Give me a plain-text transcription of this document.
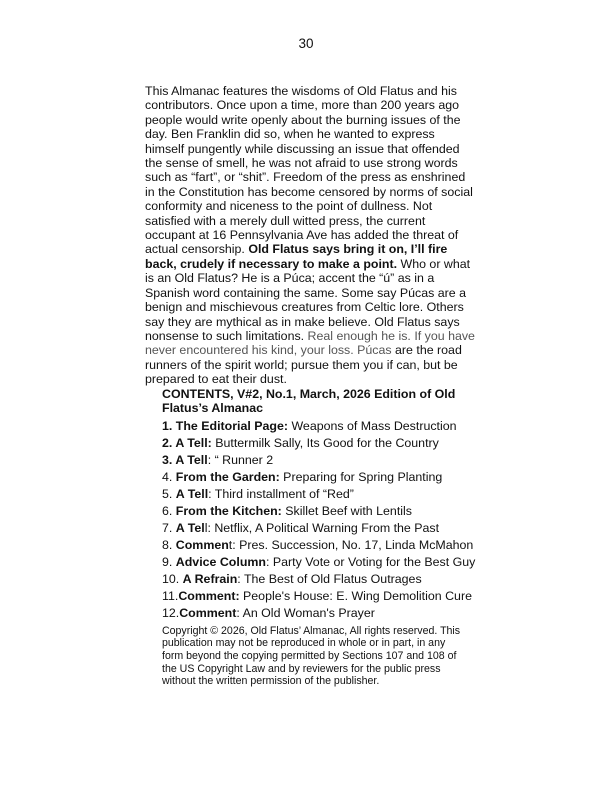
30
This Almanac features the wisdoms of Old Flatus and his contributors. Once upon a time, more than 200 years ago people would write openly about the burning issues of the day. Ben Franklin did so, when he wanted to express himself pungently while discussing an issue that offended the sense of smell, he was not afraid to use strong words such as “fart”, or “shit”. Freedom of the press as enshrined in the Constitution has become censored by norms of social conformity and niceness to the point of dullness. Not satisfied with a merely dull witted press, the current occupant at 16 Pennsylvania Ave has added the threat of actual censorship. Old Flatus says bring it on, I’ll fire back, crudely if necessary to make a point. Who or what is an Old Flatus? He is a Púca; accent the “ú” as in a Spanish word containing the same. Some say Púcas are a benign and mischievous creatures from Celtic lore. Others say they are mythical as in make believe. Old Flatus says nonsense to such limitations. Real enough he is. If you have never encountered his kind, your loss. Púcas are the road runners of the spirit world; pursue them you if can, but be prepared to eat their dust.
CONTENTS, V#2, No.1, March, 2026 Edition of Old Flatus’s Almanac
1. The Editorial Page: Weapons of Mass Destruction
2. A Tell: Buttermilk Sally, Its Good for the Country
3. A Tell: “ Runner 2
4. From the Garden: Preparing for Spring Planting
5. A Tell: Third installment of “Red”
6. From the Kitchen: Skillet Beef with Lentils
7. A Tell: Netflix, A Political Warning From the Past
8. Comment: Pres. Succession, No. 17, Linda McMahon
9. Advice Column: Party Vote or Voting for the Best Guy
10. A Refrain: The Best of Old Flatus Outrages
11.Comment: People's House: E. Wing Demolition Cure
12.Comment: An Old Woman's Prayer
Copyright © 2026, Old Flatus’ Almanac, All rights reserved. This publication may not be reproduced in whole or in part, in any form beyond the copying permitted by Sections 107 and 108 of the US Copyright Law and by reviewers for the public press without the written permission of the publisher.
